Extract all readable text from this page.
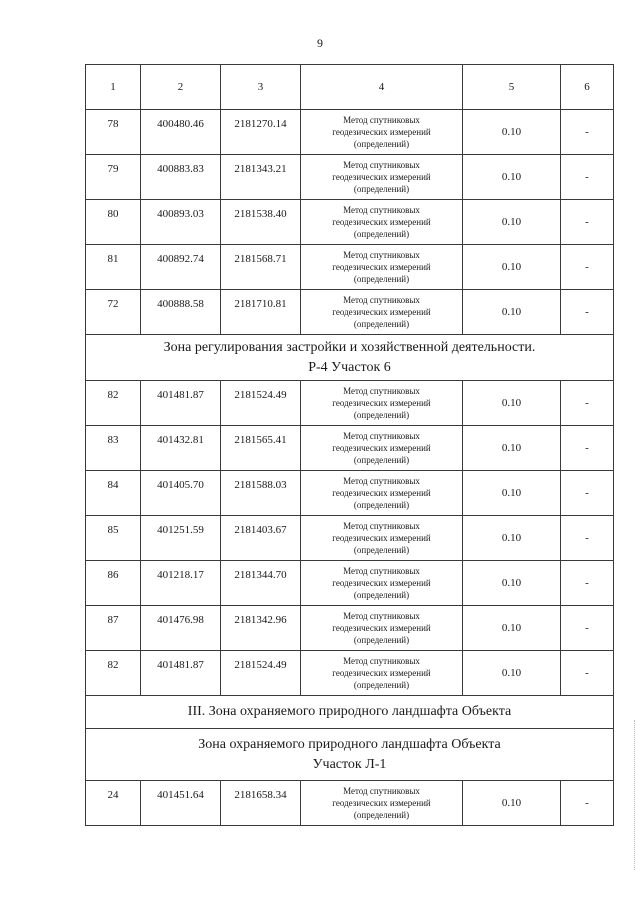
9
1	2	3	4	5	6
78	400480.46	2181270.14	Метод спутниковых
геодезических измерений
(определений)	0.10	-
79	400883.83	2181343.21	Метод спутниковых
геодезических измерений
(определений)	0.10	-
80	400893.03	2181538.40	Метод спутниковых
геодезических измерений
(определений)	0.10	-
81	400892.74	2181568.71	Метод спутниковых
геодезических измерений
(определений)	0.10	-
72	400888.58	2181710.81	Метод спутниковых
геодезических измерений
(определений)	0.10	-

Зона регулирования застройки и хозяйственной деятельности.
Р-4 Участок 6					

82	401481.87	2181524.49	Метод спутниковых
геодезических измерений
(определений)	0.10	-
83	401432.81	2181565.41	Метод спутниковых
геодезических измерений
(определений)	0.10	-
84	401405.70	2181588.03	Метод спутниковых
геодезических измерений
(определений)	0.10	-
85	401251.59	2181403.67	Метод спутниковых
геодезических измерений
(определений)	0.10	-
86	401218.17	2181344.70	Метод спутниковых
геодезических измерений
(определений)	0.10	-
87	401476.98	2181342.96	Метод спутниковых
геодезических измерений
(определений)	0.10	-
82	401481.87	2181524.49	Метод спутниковых
геодезических измерений
(определений)	0.10	-

III. Зона охраняемого природного ландшафта Объекта					

Зона охраняемого природного ландшафта Объекта
Участок Л-1					

24	401451.64	2181658.34	Метод спутниковых
геодезических измерений
(определений)	0.10	-
